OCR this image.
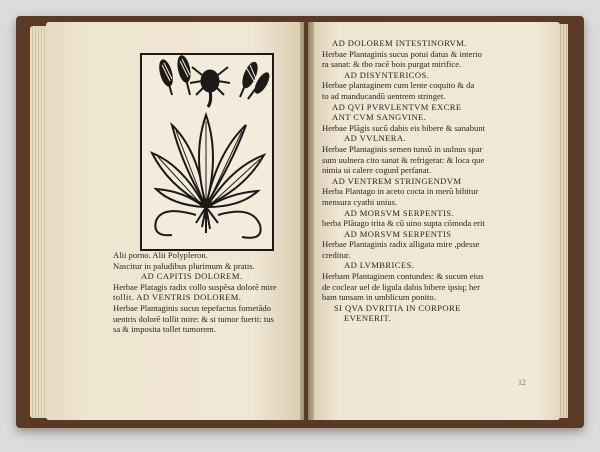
Alii porno. Alii Polypleron.
Nascitur in paludibus plurimum & pratis.
AD CAPITIS DOLOREM.
Herbae Platagis radix collo suspẽsa dolorẽ mire
tollit. AD VENTRIS DOLOREM.
Herbae Plantaginis sucus tepefactus fometãdo
uentris dolorẽ tollit mire: & si tumor fuerit: tus
sa & imposita tollet tumorem.
AD DOLOREM INTESTINORVM.
Herbae Plantaginis sucus potui datus & interio
ra sanat: & tbo racẽ bois purgat mirifice.
AD DISYNTERICOS.
Herbae plantaginem cum lente coquito & da
to ad manducandũ uentrem stringet.
AD QVI PVRVLENTVM EXCRE
ANT CVM SANGVINE.
Herbae Plãgis sucũ dabis eis bibere & sanabunt
AD VVLNERA.
Herbae Plantaginis semen tunsũ in uulnus spar
sum uulnera cito sanat & refrigerat: & loca que
nimia ui calere cogunt̃ perfanat.
AD VENTREM STRINGENDVM
Herba Plantago in aceto cocta in merũ bibitur
mensura cyathi unius.
AD MORSVM SERPENTIS.
berba Plãtago trita & cũ uino supta cõmoda erit
AD MORSVM SERPENTIS
Herbae Plantaginis radix alligata mire ,pdesse
creditur.
AD LVMBRICES.
Herbam Plantaginem contundes: & sucum eius
de coclear uel de ligula dabis bibere ipsiq; her
bam tunsam in umblicum ponito.
SI QVA DVRITIA IN CORPORE
EVENERIT.
12
